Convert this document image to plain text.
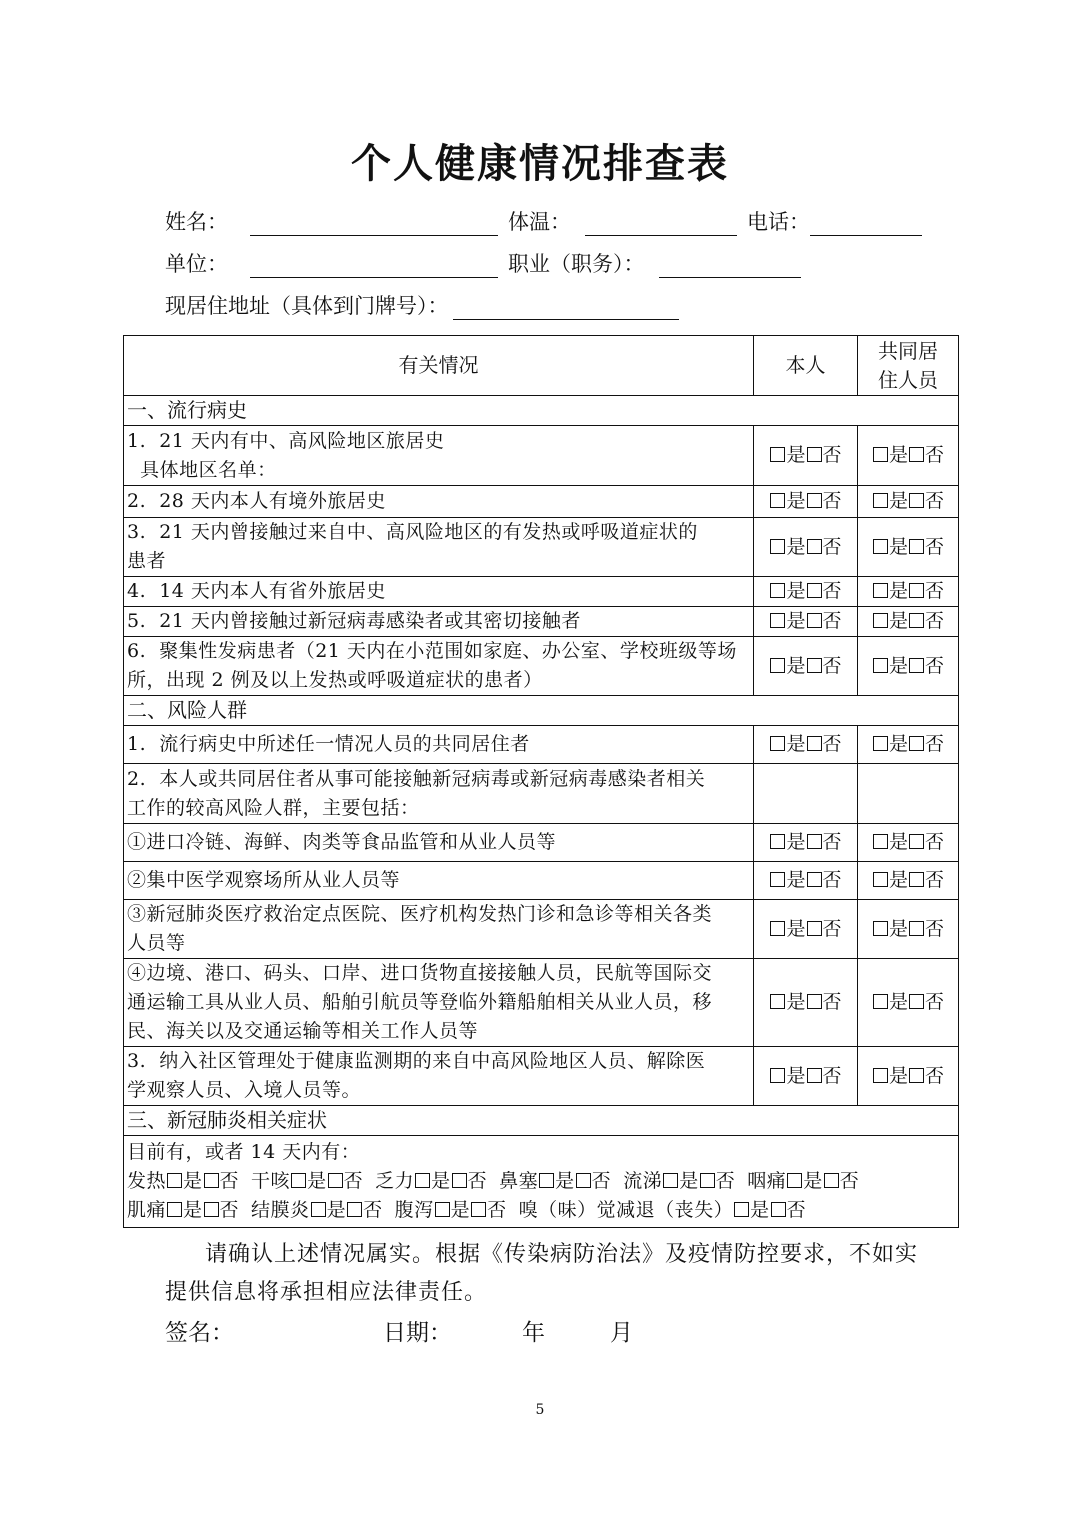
个人健康情况排查表
姓名：	体温：	电话：
单位：	职业（职务）：
现居住地址（具体到门牌号）：
有关情况	本人	共同居
住人员
一、流行病史		
1.  21 天内有中、高风险地区旅居史
具体地区名单：	是 否	是 否
2.  28 天内本人有境外旅居史	是 否	是 否
3.  21 天内曾接触过来自中、高风险地区的有发热或呼吸道症状的
患者	是 否	是 否
4.  14 天内本人有省外旅居史	是 否	是 否
5.  21 天内曾接触过新冠病毒感染者或其密切接触者	是 否	是 否
6.  聚集性发病患者（21 天内在小范围如家庭、办公室、学校班级等场
所，出现 2 例及以上发热或呼吸道症状的患者）	是 否	是 否
二、风险人群		
1.  流行病史中所述任一情况人员的共同居住者	是 否	是 否
2.  本人或共同居住者从事可能接触新冠病毒或新冠病毒感染者相关
工作的较高风险人群，主要包括：		
①进口冷链、海鲜、肉类等食品监管和从业人员等	是 否	是 否
②集中医学观察场所从业人员等	是 否	是 否
③新冠肺炎医疗救治定点医院、医疗机构发热门诊和急诊等相关各类
人员等	是 否	是 否
④边境、港口、码头、口岸、进口货物直接接触人员，民航等国际交
通运输工具从业人员、船舶引航员等登临外籍船舶相关从业人员，移
民、海关以及交通运输等相关工作人员等	是 否	是 否
3.  纳入社区管理处于健康监测期的来自中高风险地区人员、解除医
学观察人员、入境人员等。	是 否	是 否
三、新冠肺炎相关症状		
目前有，或者 14 天内有：
发热 是 否 干咳 是 否 乏力 是 否 鼻塞 是 否 流涕 是 否 咽痛 是 否
肌痛 是 否 结膜炎 是 否 腹泻 是 否 嗅（味）觉减退（丧失） 是 否		
请确认上述情况属实。根据《传染病防治法》及疫情防控要求，不如实提供信息将承担相应法律责任。
签名：	日期：	年	月
5
